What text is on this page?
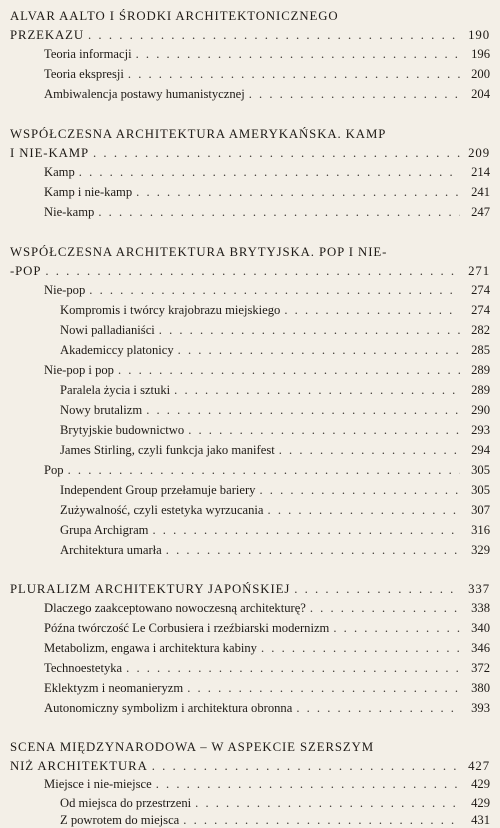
ALVAR AALTO I ŚRODKI ARCHITEKTONICZNEGO
PRZEKAZU . . .	190
Teoria informacji . . .	196
Teoria ekspresji . . .	200
Ambiwalencja postawy humanistycznej . . .	204
WSPÓŁCZESNA ARCHITEKTURA AMERYKAŃSKA. KAMP
I NIE-KAMP . . .	209
Kamp . . .	214
Kamp i nie-kamp . . .	241
Nie-kamp . . .	247
WSPÓŁCZESNA ARCHITEKTURA BRYTYJSKA. POP I NIE-
-POP . . .	271
Nie-pop . . .	274
Kompromis i twórcy krajobrazu miejskiego . . .	274
Nowi palladianiści . . .	282
Akademiccy platonicy . . .	285
Nie-pop i pop . . .	289
Paralela życia i sztuki . . .	289
Nowy brutalizm . . .	290
Brytyjskie budownictwo . . .	293
James Stirling, czyli funkcja jako manifest . . .	294
Pop . . .	305
Independent Group przełamuje bariery . . .	305
Zużywalność, czyli estetyka wyrzucania . . .	307
Grupa Archigram . . .	316
Architektura umarła . . .	329
PLURALIZM ARCHITEKTURY JAPOŃSKIEJ . . .	337
Dlaczego zaakceptowano nowoczesną architekturę? . . .	338
Późna twórczość Le Corbusiera i rzeźbiarski modernizm . . .	340
Metabolizm, engawa i architektura kabiny . . .	346
Technoestetyka . . .	372
Eklektyzm i neomanieryzm . . .	380
Autonomiczny symbolizm i architektura obronna . . .	393
SCENA MIĘDZYNARODOWA – W ASPEKCIE SZERSZYM
NIŻ ARCHITEKTURA . . .	427
Miejsce i nie-miejsce . . .	429
Od miejsca do przestrzeni . . .	429
Z powrotem do miejsca . . .	431
